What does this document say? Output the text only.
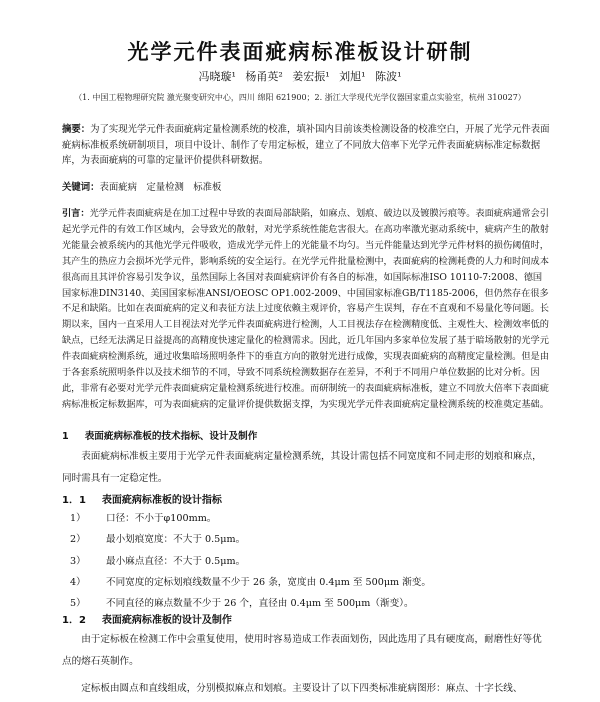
光学元件表面疵病标准板设计研制
冯晓璇¹ 杨甬英² 姜宏振¹ 刘旭¹ 陈波¹
（1. 中国工程物理研究院 激光聚变研究中心，四川 绵阳 621900；2. 浙江大学现代光学仪器国家重点实验室，杭州 310027）
摘要：为了实现光学元件表面疵病定量检测系统的校准，填补国内目前该类检测设备的校准空白，开展了光学元件表面疵病标准板系统研制项目，项目中设计、制作了专用定标板，建立了不同放大倍率下光学元件表面疵病标准定标数据库，为表面疵病的可靠的定量评价提供科研数据。
关键词：表面疵病　定量检测　标准板
引言：光学元件表面疵病是在加工过程中导致的表面局部缺陷，如麻点、划痕、破边以及镀膜污痕等。表面疵病通常会引起光学元件的有效工作区域内，会导致光的散射，对光学系统性能危害很大。在高功率激光驱动系统中，疵病产生的散射光能量会被系统内的其他光学元件吸收，造成光学元件上的光能量不均匀。当元件能量达到光学元件材料的损伤阈值时，其产生的热应力会损坏光学元件，影响系统的安全运行。在光学元件批量检测中，表面疵病的检测耗费的人力和时间成本很高而且其评价容易引发争议，虽然国际上各国对表面疵病评价有各自的标准，如国际标准ISO 10110-7:2008、德国国家标准DIN3140、美国国家标准ANSI/OEOSC OP1.002-2009、中国国家标准GB/T1185-2006，但仍然存在很多不足和缺陷。比如在表面疵病的定义和表征方法上过度依赖主观评价，容易产生误判，存在不直观和不易量化等问题。长期以来，国内一直采用人工目视法对光学元件表面疵病进行检测，人工目视法存在检测精度低、主观性大、检测效率低的缺点，已经无法满足日益提高的高精度快速定量化的检测需求。因此，近几年国内多家单位发展了基于暗场散射的光学元件表面疵病检测系统，通过收集暗场照明条件下的垂直方向的散射光进行成像，实现表面疵病的高精度定量检测。但是由于各套系统照明条件以及技术细节的不同，导致不同系统检测数据存在差异，不利于不同用户单位数据的比对分析。因此，非常有必要对光学元件表面疵病定量检测系统进行校准。而研制统一的表面疵病标准板，建立不同放大倍率下表面疵病标准板定标数据库，可为表面疵病的定量评价提供数据支撑，为实现光学元件表面疵病定量检测系统的校准奠定基础。
1 表面疵病标准板的技术指标、设计及制作
表面疵病标准板主要用于光学元件表面疵病定量检测系统，其设计需包括不同宽度和不同走形的划痕和麻点，同时需具有一定稳定性。
1．1 表面疵病标准板的设计指标
1） 口径：不小于φ100mm。
2） 最小划痕宽度：不大于 0.5μm。
3） 最小麻点直径：不大于 0.5μm。
4） 不同宽度的定标划痕线数量不少于 26 条，宽度由 0.4μm 至 500μm 渐变。
5） 不同直径的麻点数量不少于 26 个，直径由 0.4μm 至 500μm（渐变）。
1．2 表面疵病标准板的设计及制作
由于定标板在检测工作中会重复使用，使用时容易造成工作表面划伤，因此选用了具有硬度高，耐磨性好等优点的熔石英制作。
定标板由圆点和直线组成，分别模拟麻点和划痕。主要设计了以下四类标准疵病图形：麻点、十字长线、
